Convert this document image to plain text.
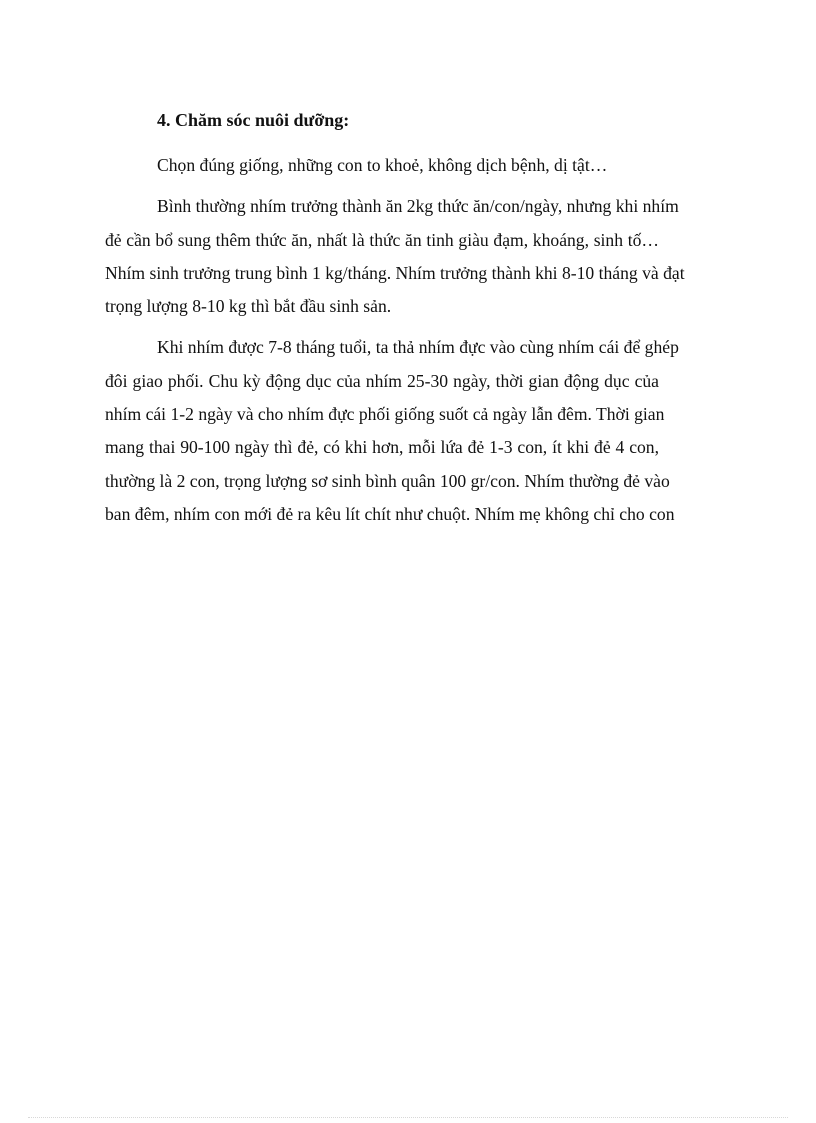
4. Chăm sóc nuôi dưỡng:
Chọn đúng giống, những con to khoẻ, không dịch bệnh, dị tật…
Bình thường nhím trưởng thành ăn 2kg thức ăn/con/ngày, nhưng khi nhím
đẻ cần bổ sung thêm thức ăn, nhất là thức ăn tinh giàu đạm, khoáng, sinh tố…
Nhím sinh trưởng trung bình 1 kg/tháng. Nhím trưởng thành khi 8-10 tháng và đạt
trọng lượng 8-10 kg thì bắt đầu sinh sản.
Khi nhím được 7-8 tháng tuổi, ta thả nhím đực vào cùng nhím cái để ghép
đôi giao phối. Chu kỳ động dục của nhím 25-30 ngày, thời gian động dục của
nhím cái 1-2 ngày và cho nhím đực phối giống suốt cả ngày lẫn đêm. Thời gian
mang thai 90-100 ngày thì đẻ, có khi hơn, mỗi lứa đẻ 1-3 con, ít khi đẻ 4 con,
thường là 2 con, trọng lượng sơ sinh bình quân 100 gr/con. Nhím thường đẻ vào
ban đêm, nhím con mới đẻ ra kêu lít chít như chuột. Nhím mẹ không chỉ cho con
